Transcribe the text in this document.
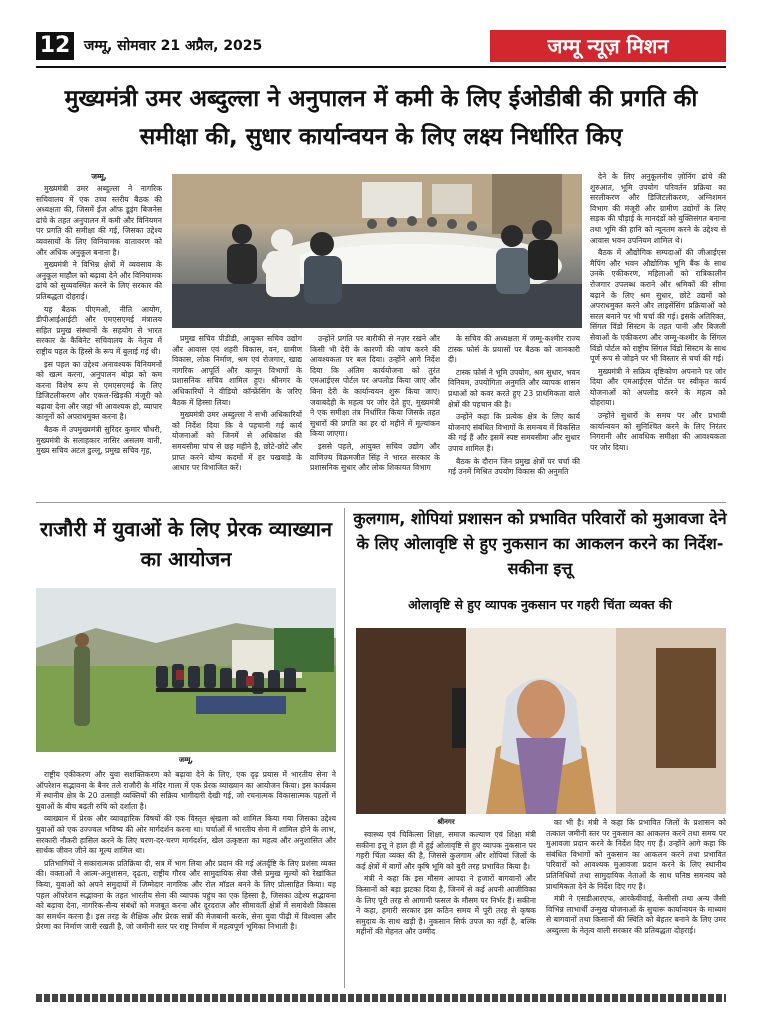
12 जम्मू, सोमवार 21 अप्रैल, 2025	जम्मू न्यूज़ मिशन
मुख्यमंत्री उमर अब्दुल्ला ने अनुपालन में कमी के लिए ईओडीबी की प्रगति की समीक्षा की, सुधार कार्यान्वयन के लिए लक्ष्य निर्धारित किए

जम्मू,

मुख्यमंत्री उमर अब्दुल्ला ने नागरिक सचिवालय में एक उच्च स्तरीय बैठक की अध्यक्षता की, जिसमें ईज ऑफ डूइंग बिजनेस ढांचे के तहत अनुपालन में कमी और विनियमन पर प्रगति की समीक्षा की गई, जिसका उद्देश्य व्यवसायों के लिए विनियामक वातावरण को और अधिक अनुकूल बनाना है।

मुख्यमंत्री ने विभिन्न क्षेत्रों में व्यवसाय के अनुकूल माहौल को बढ़ावा देने और विनियामक ढांचे को सुव्यवस्थित करने के लिए सरकार की प्रतिबद्धता दोहराई।

यह बैठक पीएमओ, नीति आयोग, डीपीआईआईटी और एमएसएमई मंत्रालय सहित प्रमुख संस्थानों के सहयोग से भारत सरकार के कैबिनेट सचिवालय के नेतृत्व में राष्ट्रीय पहल के हिस्से के रूप में बुलाई गई थी।

इस पहल का उद्देश्य अनावश्यक विनियमनों को खत्म करना, अनुपालन बोझ को कम करना विशेष रूप से एमएसएमई के लिए डिजिटलीकरण और एकल-खिड़की मंजूरी को बढ़ावा देना और जहां भी आवश्यक हो, व्यापार कानूनों को अपराधमुक्त करना है।

बैठक में उपमुख्यमंत्री सुरिंदर कुमार चौधरी, मुख्यमंत्री के सलाहकार नासिर असलम वानी, मुख्य सचिव अटल डुल्लू, प्रमुख सचिव गृह,

प्रमुख सचिव पीडीडी, आयुक्त सचिव उद्योग और आवास एवं शहरी विकास, वन, ग्रामीण विकास, लोक निर्माण, श्रम एवं रोजगार, खाद्य नागरिक आपूर्ति और कानून विभागों के प्रशासनिक सचिव शामिल हुए। श्रीनगर के अधिकारियों ने वीडियो कॉन्फ्रेंसिंग के जरिए बैठक में हिस्सा लिया।

मुख्यमंत्री उमर अब्दुल्ला ने सभी अधिकारियों को निर्देश दिया कि वे पहचानी गई कार्य योजनाओं को जिनमें से अधिकांश की समयसीमा पांच से छह महीने है, छोटे-छोटे और प्राप्त करने योग्य कदमों में हर पखवाड़े के आधार पर विभाजित करें।

उन्होंने प्रगति पर बारीकी से नज़र रखने और किसी भी देरी के कारणों की जांच करने की आवश्यकता पर बल दिया। उन्होंने आगे निर्देश दिया कि अंतिम कार्ययोजना को तुरंत एमआईएस पोर्टल पर अपलोड किया जाए और बिना देरी के कार्यान्वयन शुरू किया जाए। जवाबदेही के महत्व पर जोर देते हुए, मुख्यमंत्री ने एक समीक्षा तंत्र निर्धारित किया जिसके तहत सुधारों की प्रगति का हर दो महीने में मूल्यांकन किया जाएगा।

इससे पहले, आयुक्त सचिव उद्योग और वाणिज्य विक्रमजीत सिंह ने भारत सरकार के प्रशासनिक सुधार और लोक शिकायत विभाग

के सचिव की अध्यक्षता में जम्मू-कश्मीर राज्य टास्क फोर्स के प्रयासों पर बैठक को जानकारी दी।

टास्क फोर्स ने भूमि उपयोग, श्रम सुधार, भवन विनियम, उपयोगिता अनुमति और व्यापक शासन प्रथाओं को कवर करते हुए 23 प्राथमिकता वाले क्षेत्रों की पहचान की है।

उन्होंने कहा कि प्रत्येक क्षेत्र के लिए कार्य योजनाएं संबंधित विभागों के समन्वय में विकसित की गई हैं और इसमें स्पष्ट समयसीमा और सुधार उपाय शामिल हैं।

बैठक के दौरान जिन प्रमुख क्षेत्रों पर चर्चा की गई उनमें मिश्रित उपयोग विकास की अनुमति

देने के लिए अनुकूलनीय ज़ोनिंग ढांचे की शुरुआत, भूमि उपयोग परिवर्तन प्रक्रिया का सरलीकरण और डिजिटलीकरण, अग्निशमन विभाग की मंजूरी और ग्रामीण उद्योगों के लिए सड़क की चौड़ाई के मानदंडों को युक्तिसंगत बनाना तथा भूमि की हानि को न्यूनतम करने के उद्देश्य से आवास भवन उपनियम शामिल थे।

बैठक में औद्योगिक सम्पदाओं की जीआईएस मैपिंग और भवन औद्योगिक भूमि बैंक के साथ उनके एकीकरण, महिलाओं को रात्रिकालीन रोजगार उपलब्ध कराने और श्रमिकों की सीमा बढ़ाने के लिए श्रम सुधार, छोटे उद्यमों को अपराधमुक्त करने और लाइसेंसिंग प्रक्रियाओं को सरल बनाने पर भी चर्चा की गई। इसके अतिरिक्त, सिंगल विंडो सिस्टम के तहत पानी और बिजली सेवाओं के एकीकरण और जम्मू-कश्मीर के सिंगल विंडो पोर्टल को राष्ट्रीय सिंगल विंडो सिस्टम के साथ पूर्ण रूप से जोड़ने पर भी विस्तार से चर्चा की गई।

मुख्यमंत्री ने सक्रिय दृष्टिकोण अपनाने पर जोर दिया और एमआईएस पोर्टल पर स्वीकृत कार्य योजनाओं को अपलोड करने के महत्व को दोहराया।

उन्होंने सुधारों के समय पर और प्रभावी कार्यान्वयन को सुनिश्चित करने के लिए निरंतर निगरानी और आवधिक समीक्षा की आवश्यकता पर जोर दिया।

राजौरी में युवाओं के लिए प्रेरक व्याख्यान का आयोजन
जम्मू,

राष्ट्रीय एकीकरण और युवा सशक्तिकरण को बढ़ावा देने के लिए, एक दृढ़ प्रयास में भारतीय सेना ने ऑपरेशन सद्भावना के बैनर तले राजौरी के मंदिर गाला में एक प्रेरक व्याख्यान का आयोजन किया। इस कार्यक्रम में स्थानीय क्षेत्र के 20 उत्साही व्यक्तियों की सक्रिय भागीदारी देखी गई, जो रचनात्मक विकासात्मक पहलों में युवाओं के बीच बढ़ती रुचि को दर्शाता है।

व्याख्यान में प्रेरक और व्यावहारिक विषयों की एक विस्तृत श्रृंखला को शामिल किया गया जिसका उद्देश्य युवाओं को एक उज्ज्वल भविष्य की ओर मार्गदर्शन करना था। चर्चाओं में भारतीय सेना में शामिल होने के लाभ, सरकारी नौकरी हासिल करने के लिए चरण-दर-चरण मार्गदर्शन, खेल उत्कृष्टता का महत्व और अनुशासित और सार्थक जीवन जीने का मूल्य शामिल था।

प्रतिभागियों ने सकारात्मक प्रतिक्रिया दी, सत्र में भाग लिया और प्रदान की गई अंतर्दृष्टि के लिए प्रशंसा व्यक्त की। वक्ताओं ने आत्म-अनुशासन, दृढ़ता, राष्ट्रीय गौरव और सामुदायिक सेवा जैसे प्रमुख मूल्यों को रेखांकित किया, युवाओं को अपने समुदायों में जिम्मेदार नागरिक और रोल मॉडल बनने के लिए प्रोत्साहित किया। यह पहल ऑपरेशन सद्भावना के तहत भारतीय सेना की व्यापक पहुंच का एक हिस्सा है, जिसका उद्देश्य सद्भावना को बढ़ावा देना, नागरिक-सैन्य संबंधों को मजबूत करना और दूरदराज और सीमावर्ती क्षेत्रों में समावेशी विकास का समर्थन करना है। इस तरह के शैक्षिक और प्रेरक सत्रों की मेजबानी करके, सेना युवा पीढ़ी में विश्वास और प्रेरणा का निर्माण जारी रखती है, जो जमीनी स्तर पर राष्ट्र निर्माण में महत्वपूर्ण भूमिका निभाती है।

कुलगाम, शोपियां प्रशासन को प्रभावित परिवारों को मुआवजा देने के लिए ओलावृष्टि से हुए नुकसान का आकलन करने का निर्देश-सकीना इत्तू
ओलावृष्टि से हुए व्यापक नुकसान पर गहरी चिंता व्यक्त की
श्रीनगर

स्वास्थ्य एवं चिकित्सा शिक्षा, समाज कल्याण एवं शिक्षा मंत्री सकीना इत्तू ने हाल ही में हुई ओलावृष्टि से हुए व्यापक नुकसान पर गहरी चिंता व्यक्त की है, जिससे कुलगाम और शोपियां जिलों के कई क्षेत्रों में बागों और कृषि भूमि को बुरी तरह प्रभावित किया है।

मंत्री ने कहा कि इस मौसम आपदा ने हजारों बागवानों और किसानों को बड़ा झटका दिया है, जिनमें से कई अपनी आजीविका के लिए पूरी तरह से आगामी फसल के मौसम पर निर्भर हैं। सकीना ने कहा, हमारी सरकार इस कठिन समय में पूरी तरह से कृषक समुदाय के साथ खड़ी है। नुकसान सिर्फ उपज का नहीं है, बल्कि महीनों की मेहनत और उम्मीद

का भी है। मंत्री ने कहा कि प्रभावित जिलों के प्रशासन को तत्काल जमीनी स्तर पर नुकसान का आकलन करने तथा समय पर मुआवजा प्रदान करने के निर्देश दिए गए हैं। उन्होंने आगे कहा कि संबंधित विभागों को नुकसान का आकलन करने तथा प्रभावित परिवारों को आवश्यक मुआवजा प्रदान करने के लिए स्थानीय प्रतिनिधियों तथा सामुदायिक नेताओं के साथ घनिष्ठ समन्वय को प्राथमिकता देने के निर्देश दिए गए हैं।

मंत्री ने एसडीआरएफ, आरकेवीवाई, केसीसी तथा अन्य जैसी विभिन्न लाभार्थी उन्मुख योजनाओं के सुचारू कार्यान्वयन के माध्यम से बागवानों तथा किसानों की स्थिति को बेहतर बनाने के लिए उमर अब्दुल्ला के नेतृत्व वाली सरकार की प्रतिबद्धता दोहराई।
